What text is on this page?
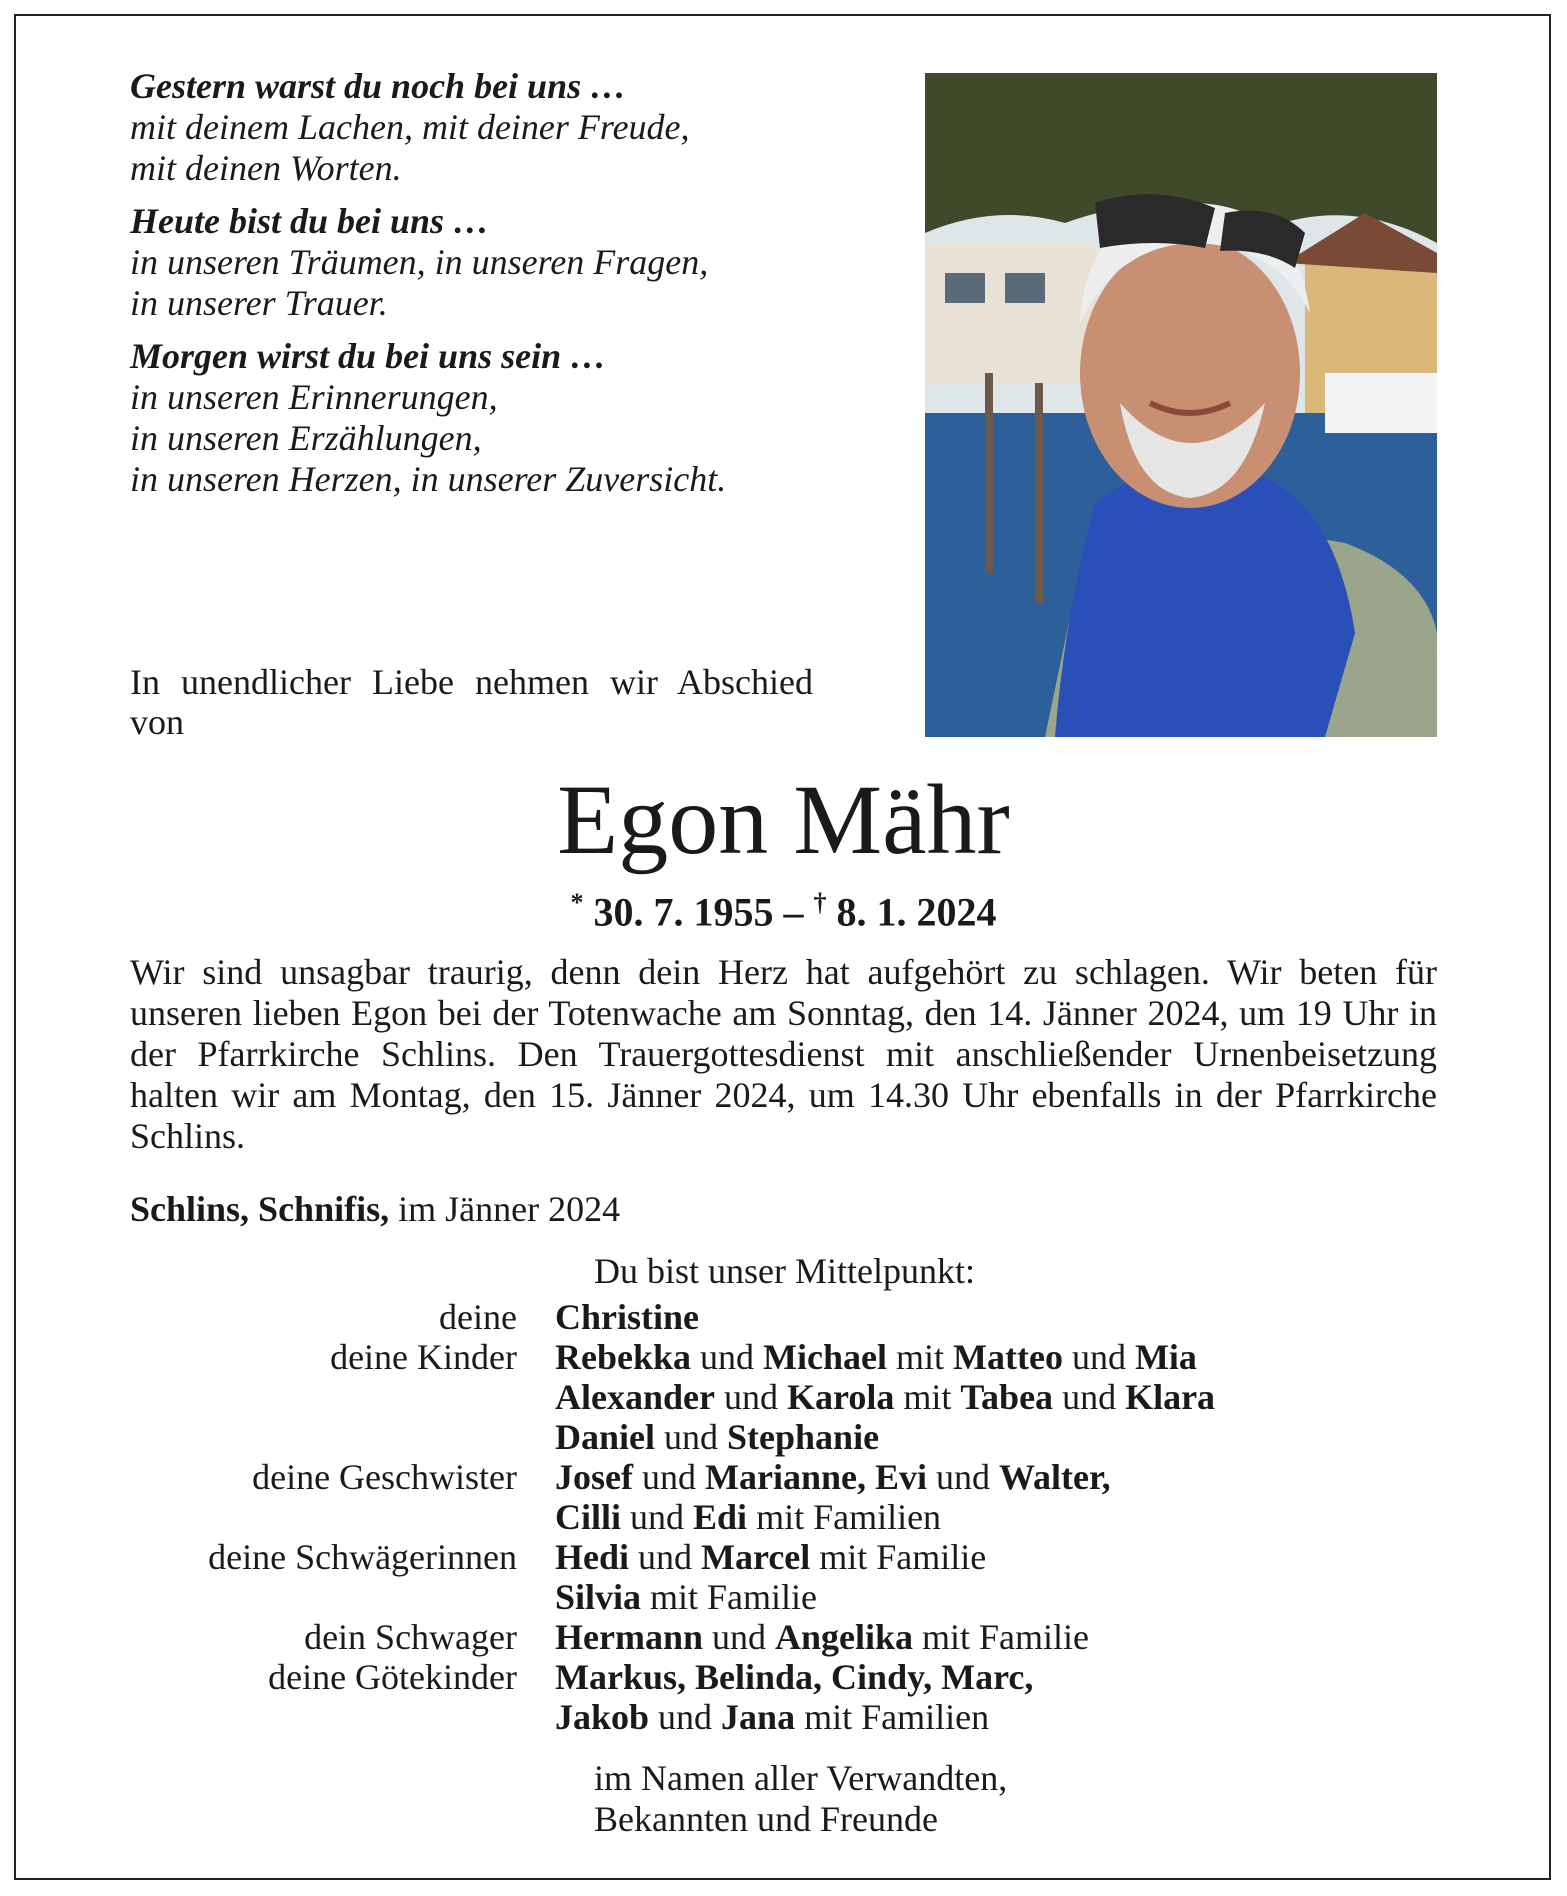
Gestern warst du noch bei uns …
mit deinem Lachen, mit deiner Freude,
mit deinen Worten.
Heute bist du bei uns …
in unseren Träumen, in unseren Fragen,
in unserer Trauer.
Morgen wirst du bei uns sein …
in unseren Erinnerungen,
in unseren Erzählungen,
in unseren Herzen, in unserer Zuversicht.
In unendlicher Liebe nehmen wir Abschied von
Egon Mähr
* 30. 7. 1955 – † 8. 1. 2024
Wir sind unsagbar traurig, denn dein Herz hat aufgehört zu schlagen. Wir beten für unseren lieben Egon bei der Totenwache am Sonntag, den 14. Jänner 2024, um 19 Uhr in der Pfarrkirche Schlins. Den Trauergottesdienst mit anschließender Urnenbeisetzung halten wir am Montag, den 15. Jänner 2024, um 14.30 Uhr ebenfalls in der Pfarrkirche Schlins.
Schlins, Schnifis, im Jänner 2024
Du bist unser Mittelpunkt:
deine	Christine
deine Kinder	Rebekka und Michael mit Matteo und Mia
Alexander und Karola mit Tabea und Klara
Daniel und Stephanie
deine Geschwister	Josef und Marianne, Evi und Walter,
Cilli und Edi mit Familien
deine Schwägerinnen	Hedi und Marcel mit Familie
Silvia mit Familie
dein Schwager	Hermann und Angelika mit Familie
deine Götekinder	Markus, Belinda, Cindy, Marc,
Jakob und Jana mit Familien
im Namen aller Verwandten,
Bekannten und Freunde
